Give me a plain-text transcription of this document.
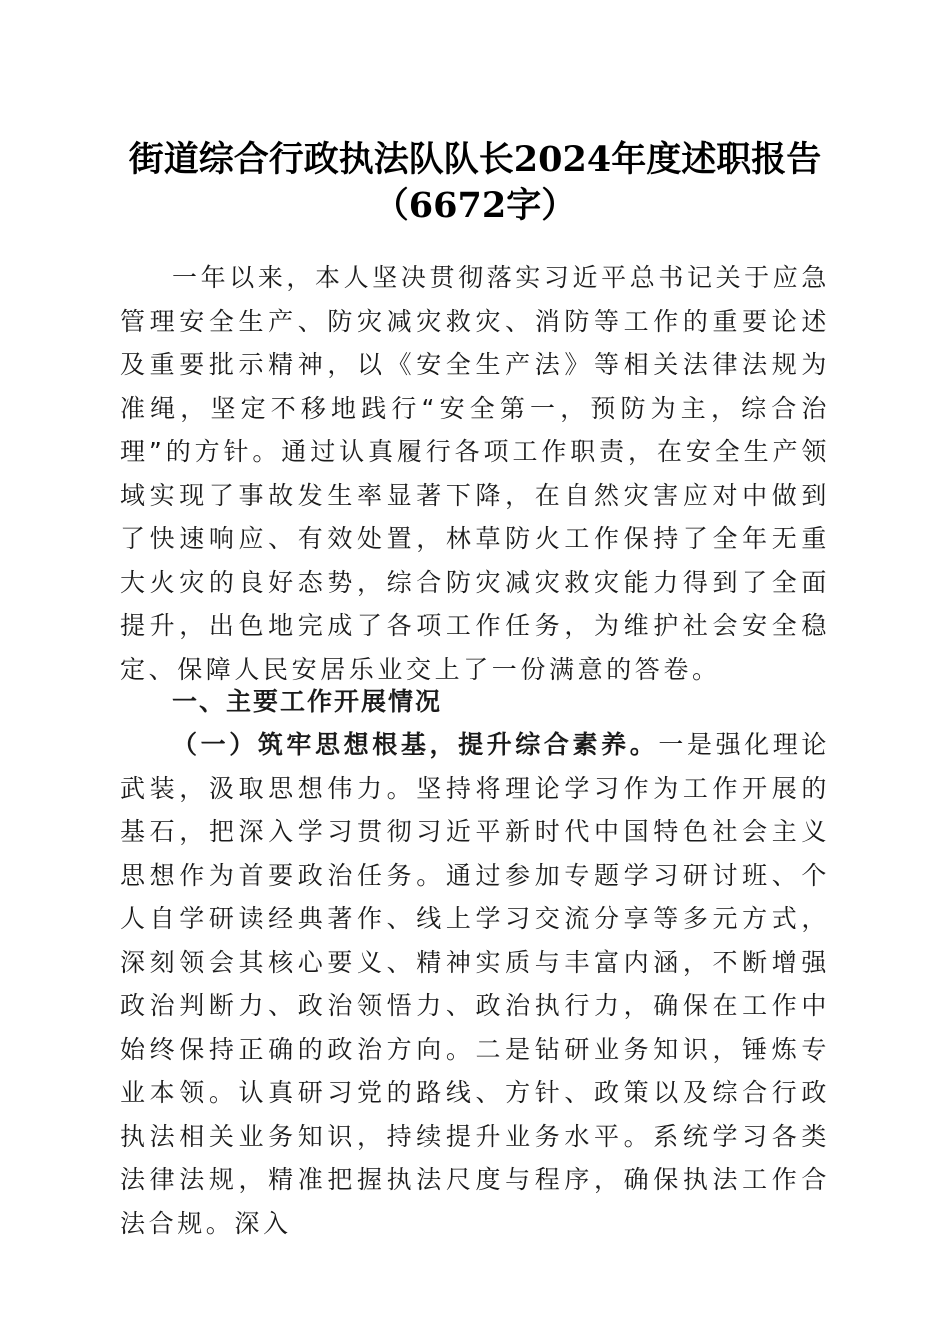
街道综合行政执法队队长2024年度述职报告
（6672字）

一年以来，本人坚决贯彻落实习近平总书记关于应急管理安全生产、防灾减灾救灾、消防等工作的重要论述及重要批示精神，以《安全生产法》等相关法律法规为准绳，坚定不移地践行“安全第一，预防为主，综合治理”的方针。通过认真履行各项工作职责，在安全生产领域实现了事故发生率显著下降，在自然灾害应对中做到了快速响应、有效处置，林草防火工作保持了全年无重大火灾的良好态势，综合防灾减灾救灾能力得到了全面提升，出色地完成了各项工作任务，为维护社会安全稳定、保障人民安居乐业交上了一份满意的答卷。

一、主要工作开展情况

（一）筑牢思想根基，提升综合素养。一是强化理论武装，汲取思想伟力。坚持将理论学习作为工作开展的基石，把深入学习贯彻习近平新时代中国特色社会主义思想作为首要政治任务。通过参加专题学习研讨班、个人自学研读经典著作、线上学习交流分享等多元方式，深刻领会其核心要义、精神实质与丰富内涵，不断增强政治判断力、政治领悟力、政治执行力，确保在工作中始终保持正确的政治方向。二是钻研业务知识，锤炼专业本领。认真研习党的路线、方针、政策以及综合行政执法相关业务知识，持续提升业务水平。系统学习各类法律法规，精准把握执法尺度与程序，确保执法工作合法合规。深入
